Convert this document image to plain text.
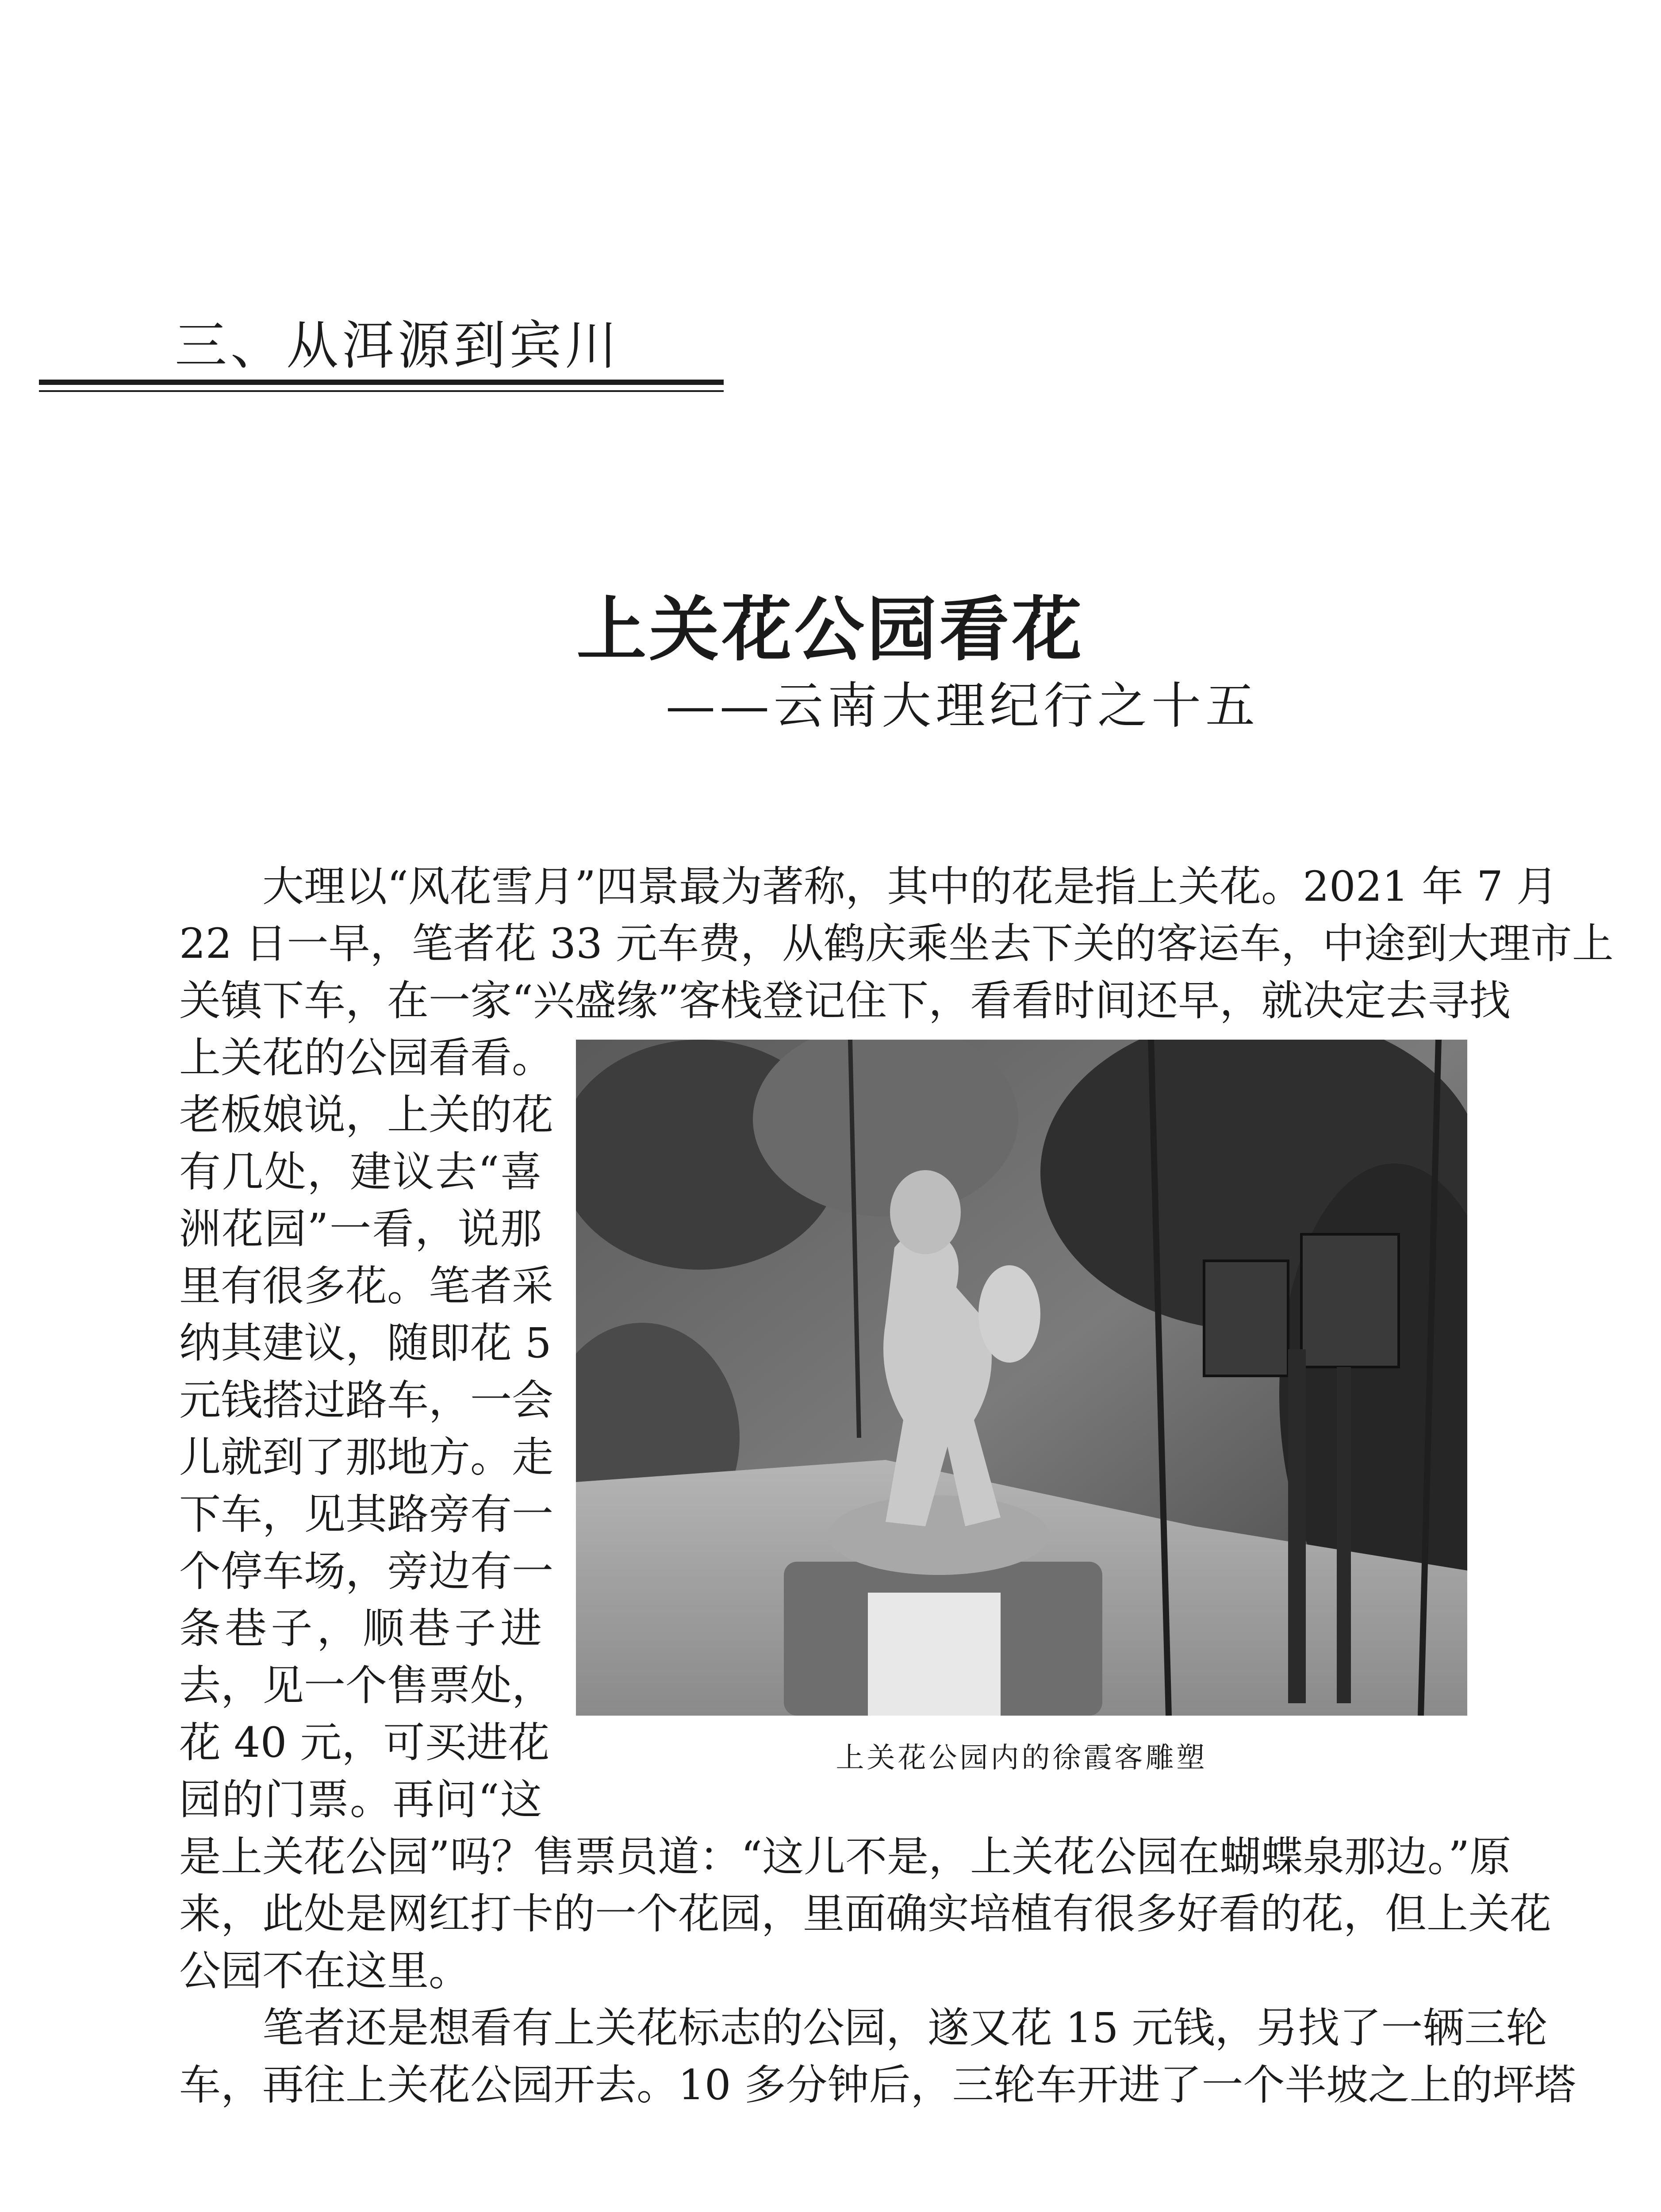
三、从洱源到宾川
上关花公园看花
——云南大理纪行之十五
大理以“风花雪月”四景最为著称，其中的花是指上关花。2021 年 7 月
22 日一早，笔者花 33 元车费，从鹤庆乘坐去下关的客运车，中途到大理市上
关镇下车，在一家“兴盛缘”客栈登记住下，看看时间还早，就决定去寻找
上关花的公园看看。
老板娘说，上关的花
有几处，建议去“喜
洲花园”一看，说那
里有很多花。笔者采
纳其建议，随即花 5
元钱搭过路车，一会
儿就到了那地方。走
下车，见其路旁有一
个停车场，旁边有一
条巷子，顺巷子进
去，见一个售票处，
花 40 元，可买进花
园的门票。再问“这
上关花公园内的徐霞客雕塑
是上关花公园”吗？售票员道：“这儿不是，上关花公园在蝴蝶泉那边。”原
来，此处是网红打卡的一个花园，里面确实培植有很多好看的花，但上关花
公园不在这里。
笔者还是想看有上关花标志的公园，遂又花 15 元钱，另找了一辆三轮
车，再往上关花公园开去。10 多分钟后，三轮车开进了一个半坡之上的坪塔
